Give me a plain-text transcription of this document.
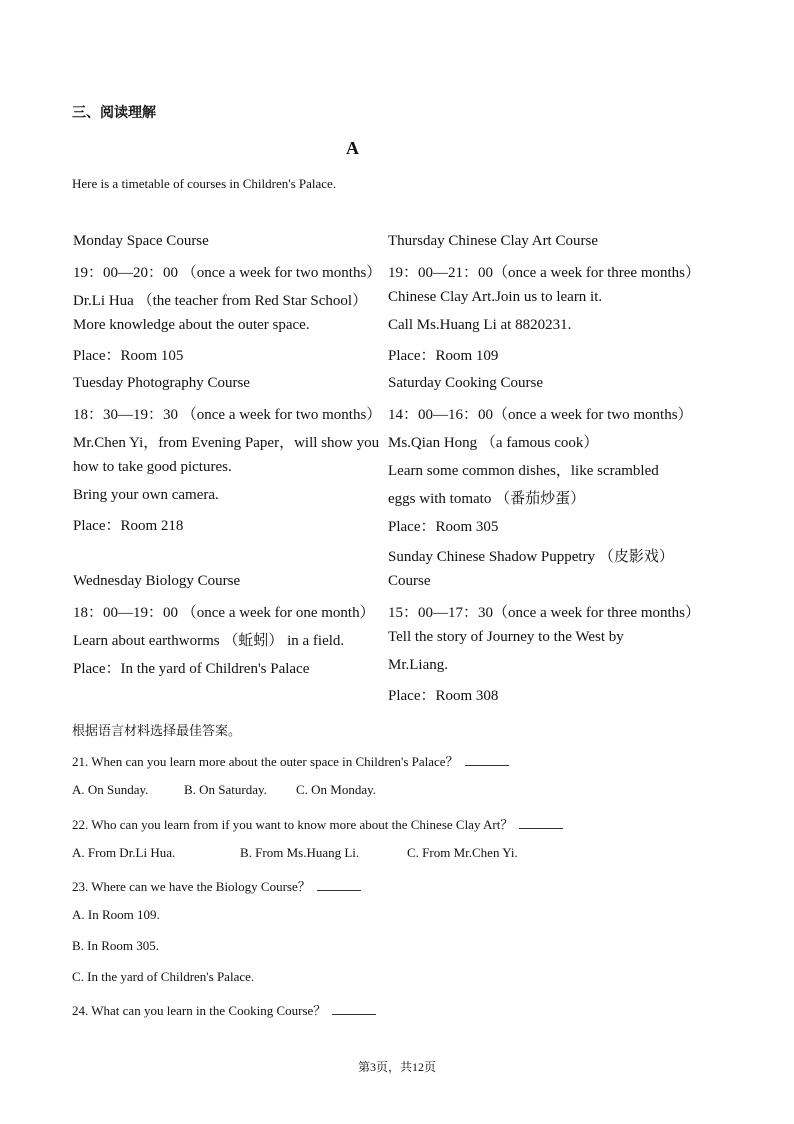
三、阅读理解
A
Here is a timetable of courses in Children's Palace.
Monday Space Course
19：00—20：00 （once a week for two months）
Dr.Li Hua （the teacher from Red Star School）
More knowledge about the outer space.
Place：Room 105
Tuesday Photography Course
18：30—19：30 （once a week for two months）
Mr.Chen Yi，from Evening Paper，will show you
how to take good pictures.
Bring your own camera.
Place：Room 218
Wednesday Biology Course
18：00—19：00 （once a week for one month）
Learn about earthworms （蚯蚓） in a field.
Place：In the yard of Children's Palace
Thursday Chinese Clay Art Course
19：00—21：00（once a week for three months）
Chinese Clay Art.Join us to learn it.
Call Ms.Huang Li at 8820231.
Place：Room 109
Saturday Cooking Course
14：00—16：00（once a week for two months）
Ms.Qian Hong （a famous cook）
Learn some common dishes，like scrambled
eggs with tomato （番茄炒蛋）
Place：Room 305
Sunday Chinese Shadow Puppetry （皮影戏）
Course
15：00—17：30（once a week for three months）
Tell the story of Journey to the West by
Mr.Liang.
Place：Room 308
根据语言材料选择最佳答案。
21. When can you learn more about the outer space in Children's Palace？
A. On Sunday.	B. On Saturday. C. On Monday.
22. Who can you learn from if you want to know more about the Chinese Clay Art？
A. From Dr.Li Hua.	B. From Ms.Huang Li.	C. From Mr.Chen Yi.
23. Where can we have the Biology Course？
A. In Room 109.
B. In Room 305.
C. In the yard of Children's Palace.
24. What can you learn in the Cooking Course？
第3页，共12页
